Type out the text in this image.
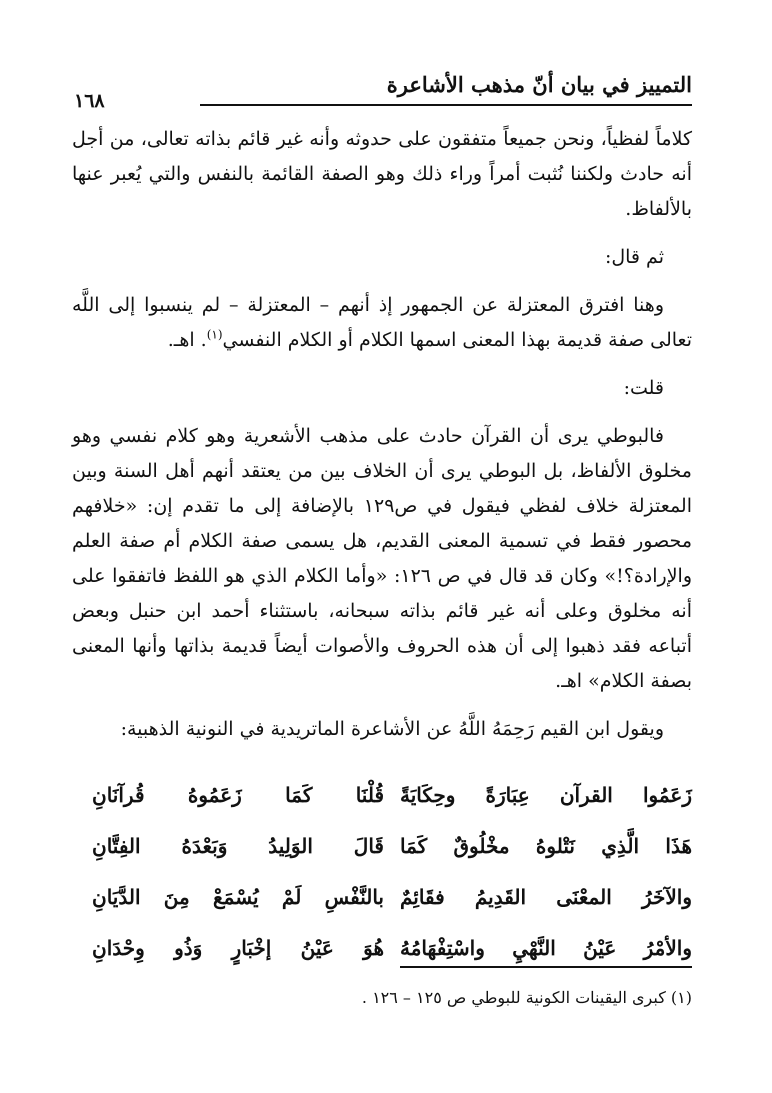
التمييز في بيان أنّ مذهب الأشاعرة
١٦٨

كلاماً لفظياً، ونحن جميعاً متفقون على حدوثه وأنه غير قائم بذاته تعالى، من أجل أنه حادث ولكننا نُثبت أمراً وراء ذلك وهو الصفة القائمة بالنفس والتي يُعبر عنها بالألفاظ.

ثم قال:

وهنا افترق المعتزلة عن الجمهور إذ أنهم – المعتزلة – لم ينسبوا إلى اللَّه تعالى صفة قديمة بهذا المعنى اسمها الكلام أو الكلام النفسي$^{(١)}$. اهـ.

قلت:

فالبوطي يرى أن القرآن حادث على مذهب الأشعرية وهو كلام نفسي وهو مخلوق الألفاظ، بل البوطي يرى أن الخلاف بين من يعتقد أنهم أهل السنة وبين المعتزلة خلاف لفظي فيقول في ص١٢٩ بالإضافة إلى ما تقدم إن: «خلافهم محصور فقط في تسمية المعنى القديم، هل يسمى صفة الكلام أم صفة العلم والإرادة؟!» وكان قد قال في ص ١٢٦: «وأما الكلام الذي هو اللفظ فاتفقوا على أنه مخلوق وعلى أنه غير قائم بذاته سبحانه، باستثناء أحمد ابن حنبل وبعض أتباعه فقد ذهبوا إلى أن هذه الحروف والأصوات أيضاً قديمة بذاتها وأنها المعنى بصفة الكلام» اهـ.

ويقول ابن القيم رَحِمَهُ اللَّهُ عن الأشاعرة الماتريدية في النونية الذهبية:

زَعَمُوا القرآن عِبَارَةً وحِكَايَةً
قُلْنَا كَمَا زَعَمُوهُ قُرآنَانِ
هَذَا الَّذِي نَتْلوهُ مخْلُوقٌ كَمَا
قَالَ الوَلِيدُ وَبَعْدَهُ الفِتَّانِ
والآخَرُ المعْنَى القَدِيمُ فقَائِمٌ
بالنَّفْسِ لَمْ يُسْمَعْ مِنَ الدَّيَانِ
والأمْرُ عَيْنُ النَّهْيِ واسْتِفْهَامُهُ
هُوَ عَيْنُ إخْبَارٍ وَذُو وِحْدَانِ
(١) كبرى اليقينات الكونية للبوطي ص ١٢٥ – ١٢٦ .
